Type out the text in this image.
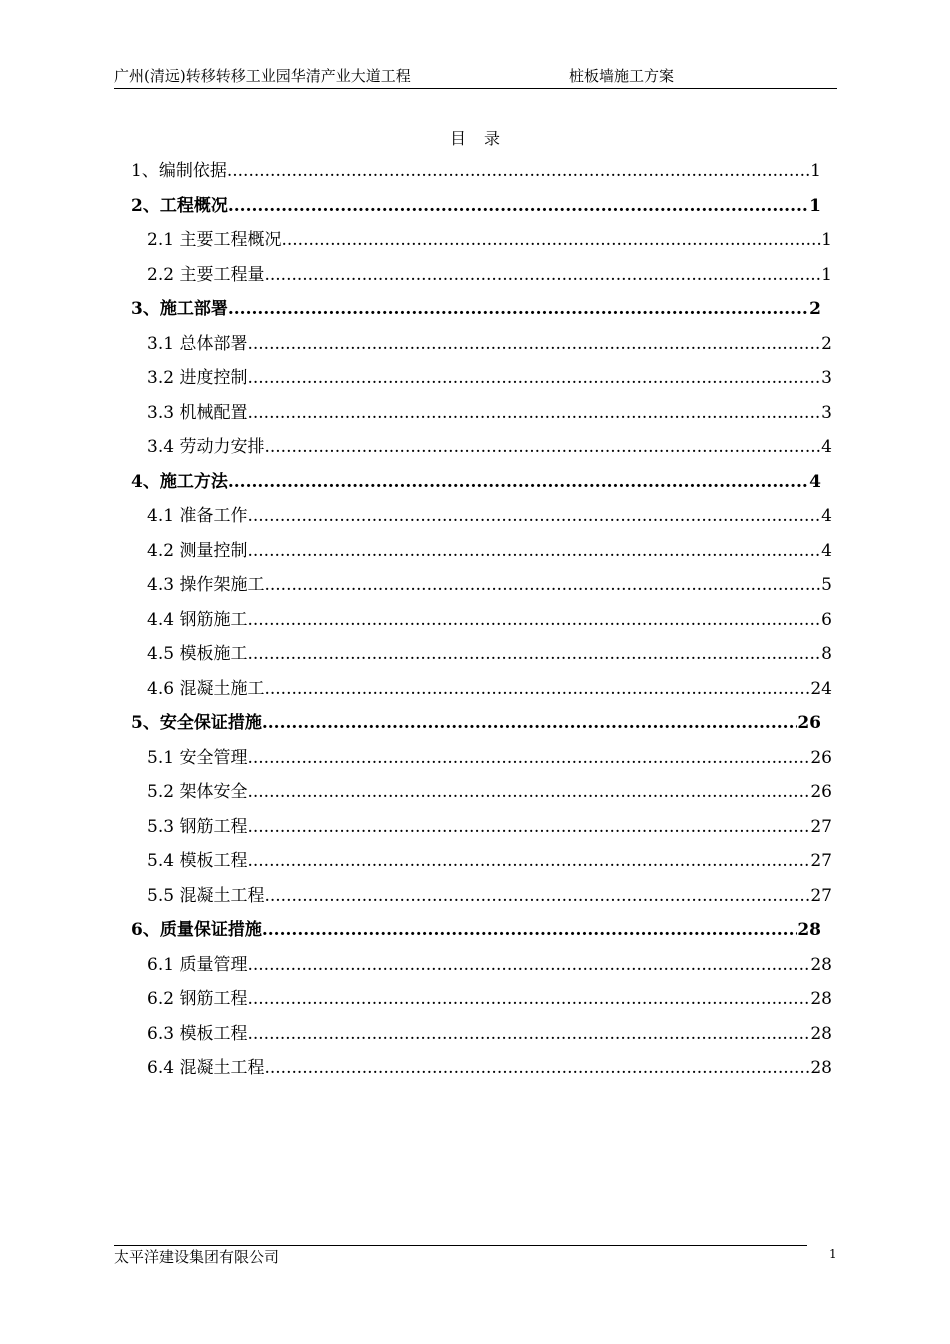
广州(清远)转移转移工业园华清产业大道工程	桩板墙施工方案
目录
1、编制依据 .....	1
2、工程概况 .....	1
2.1 主要工程概况 .....	1
2.2 主要工程量 .....	1
3、施工部署 .....	2
3.1 总体部署 .....	2
3.2 进度控制 .....	3
3.3 机械配置 .....	3
3.4 劳动力安排 .....	4
4、施工方法 .....	4
4.1 准备工作 .....	4
4.2 测量控制 .....	4
4.3 操作架施工 .....	5
4.4 钢筋施工 .....	6
4.5 模板施工 .....	8
4.6 混凝土施工 .....	24
5、安全保证措施 .....	26
5.1 安全管理 .....	26
5.2 架体安全 .....	26
5.3 钢筋工程 .....	27
5.4 模板工程 .....	27
5.5 混凝土工程 .....	27
6、质量保证措施 .....	28
6.1 质量管理 .....	28
6.2 钢筋工程 .....	28
6.3 模板工程 .....	28
6.4 混凝土工程 .....	28
太平洋建设集团有限公司	1
